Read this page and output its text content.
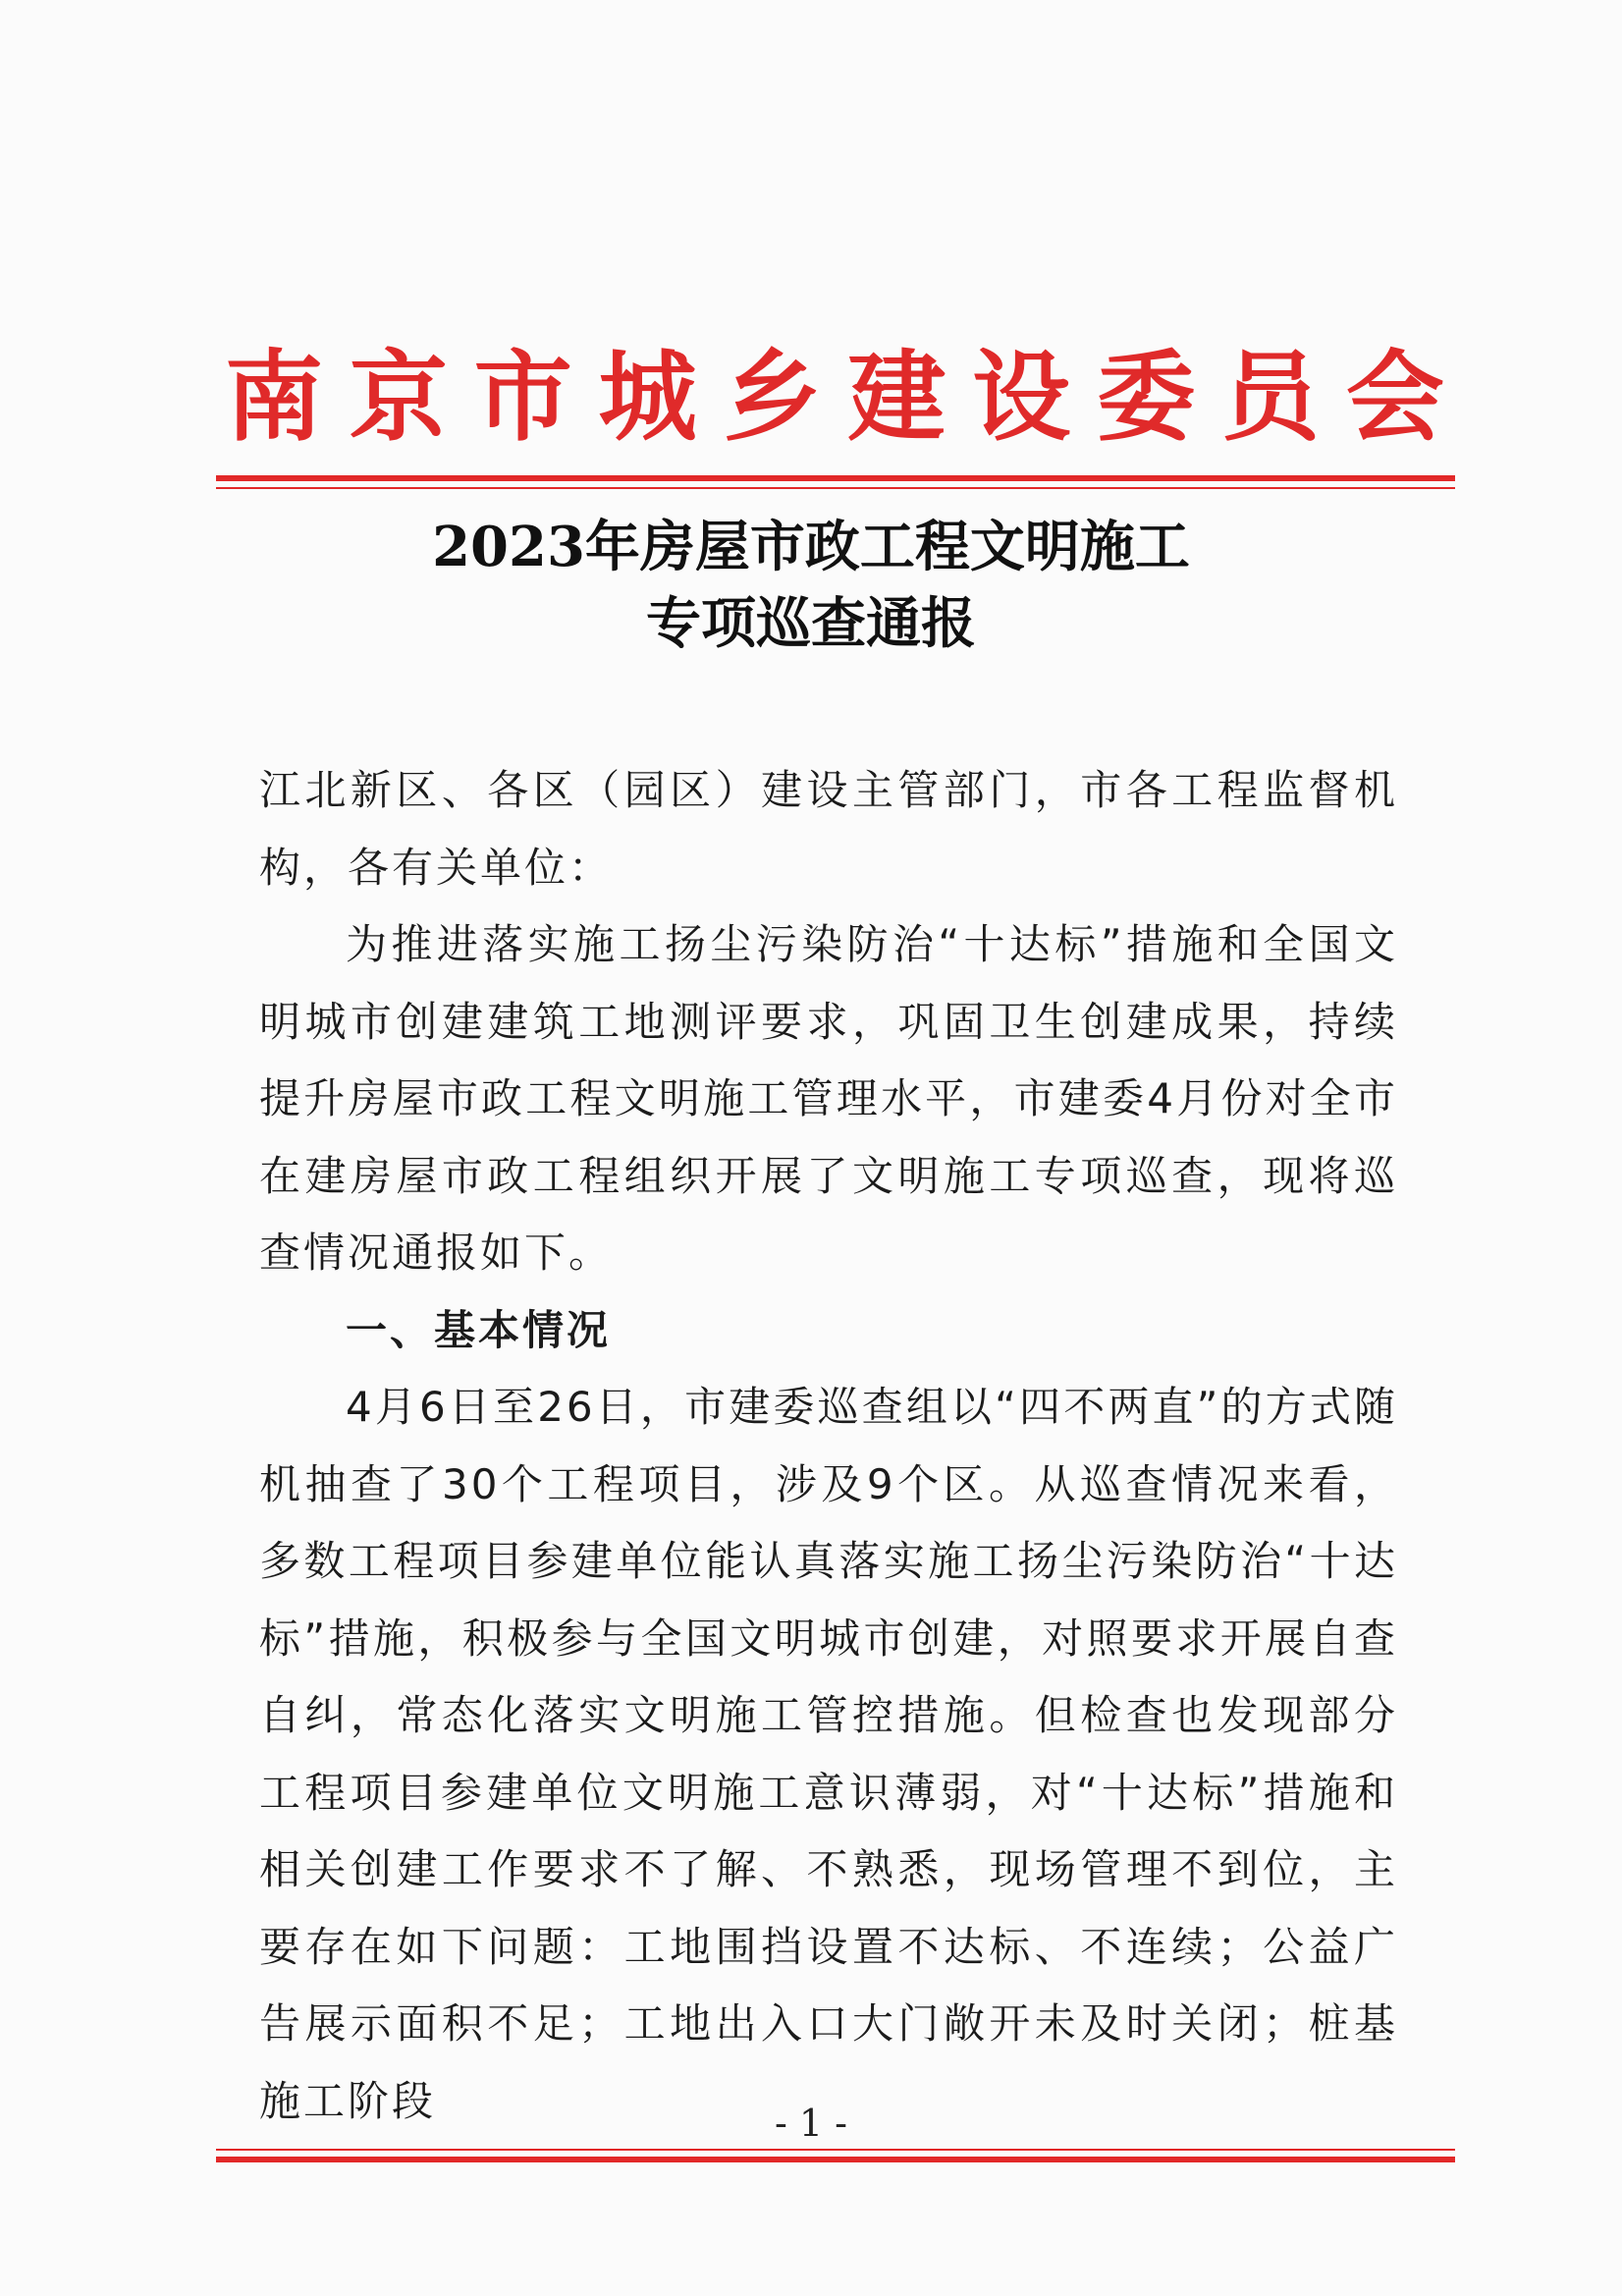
南 京 市 城 乡 建 设 委 员 会
2023年房屋市政工程文明施工
专项巡查通报

江北新区、各区（园区）建设主管部门，市各工程监督机构，各有关单位：

为推进落实施工扬尘污染防治“十达标”措施和全国文明城市创建建筑工地测评要求，巩固卫生创建成果，持续提升房屋市政工程文明施工管理水平，市建委4月份对全市在建房屋市政工程组织开展了文明施工专项巡查，现将巡查情况通报如下。

一、基本情况

4月6日至26日，市建委巡查组以“四不两直”的方式随机抽查了30个工程项目，涉及9个区。从巡查情况来看，多数工程项目参建单位能认真落实施工扬尘污染防治“十达标”措施，积极参与全国文明城市创建，对照要求开展自查自纠，常态化落实文明施工管控措施。但检查也发现部分工程项目参建单位文明施工意识薄弱，对“十达标”措施和相关创建工作要求不了解、不熟悉，现场管理不到位，主要存在如下问题：工地围挡设置不达标、不连续；公益广告展示面积不足；工地出入口大门敞开未及时关闭；桩基施工阶段	- 1 -
